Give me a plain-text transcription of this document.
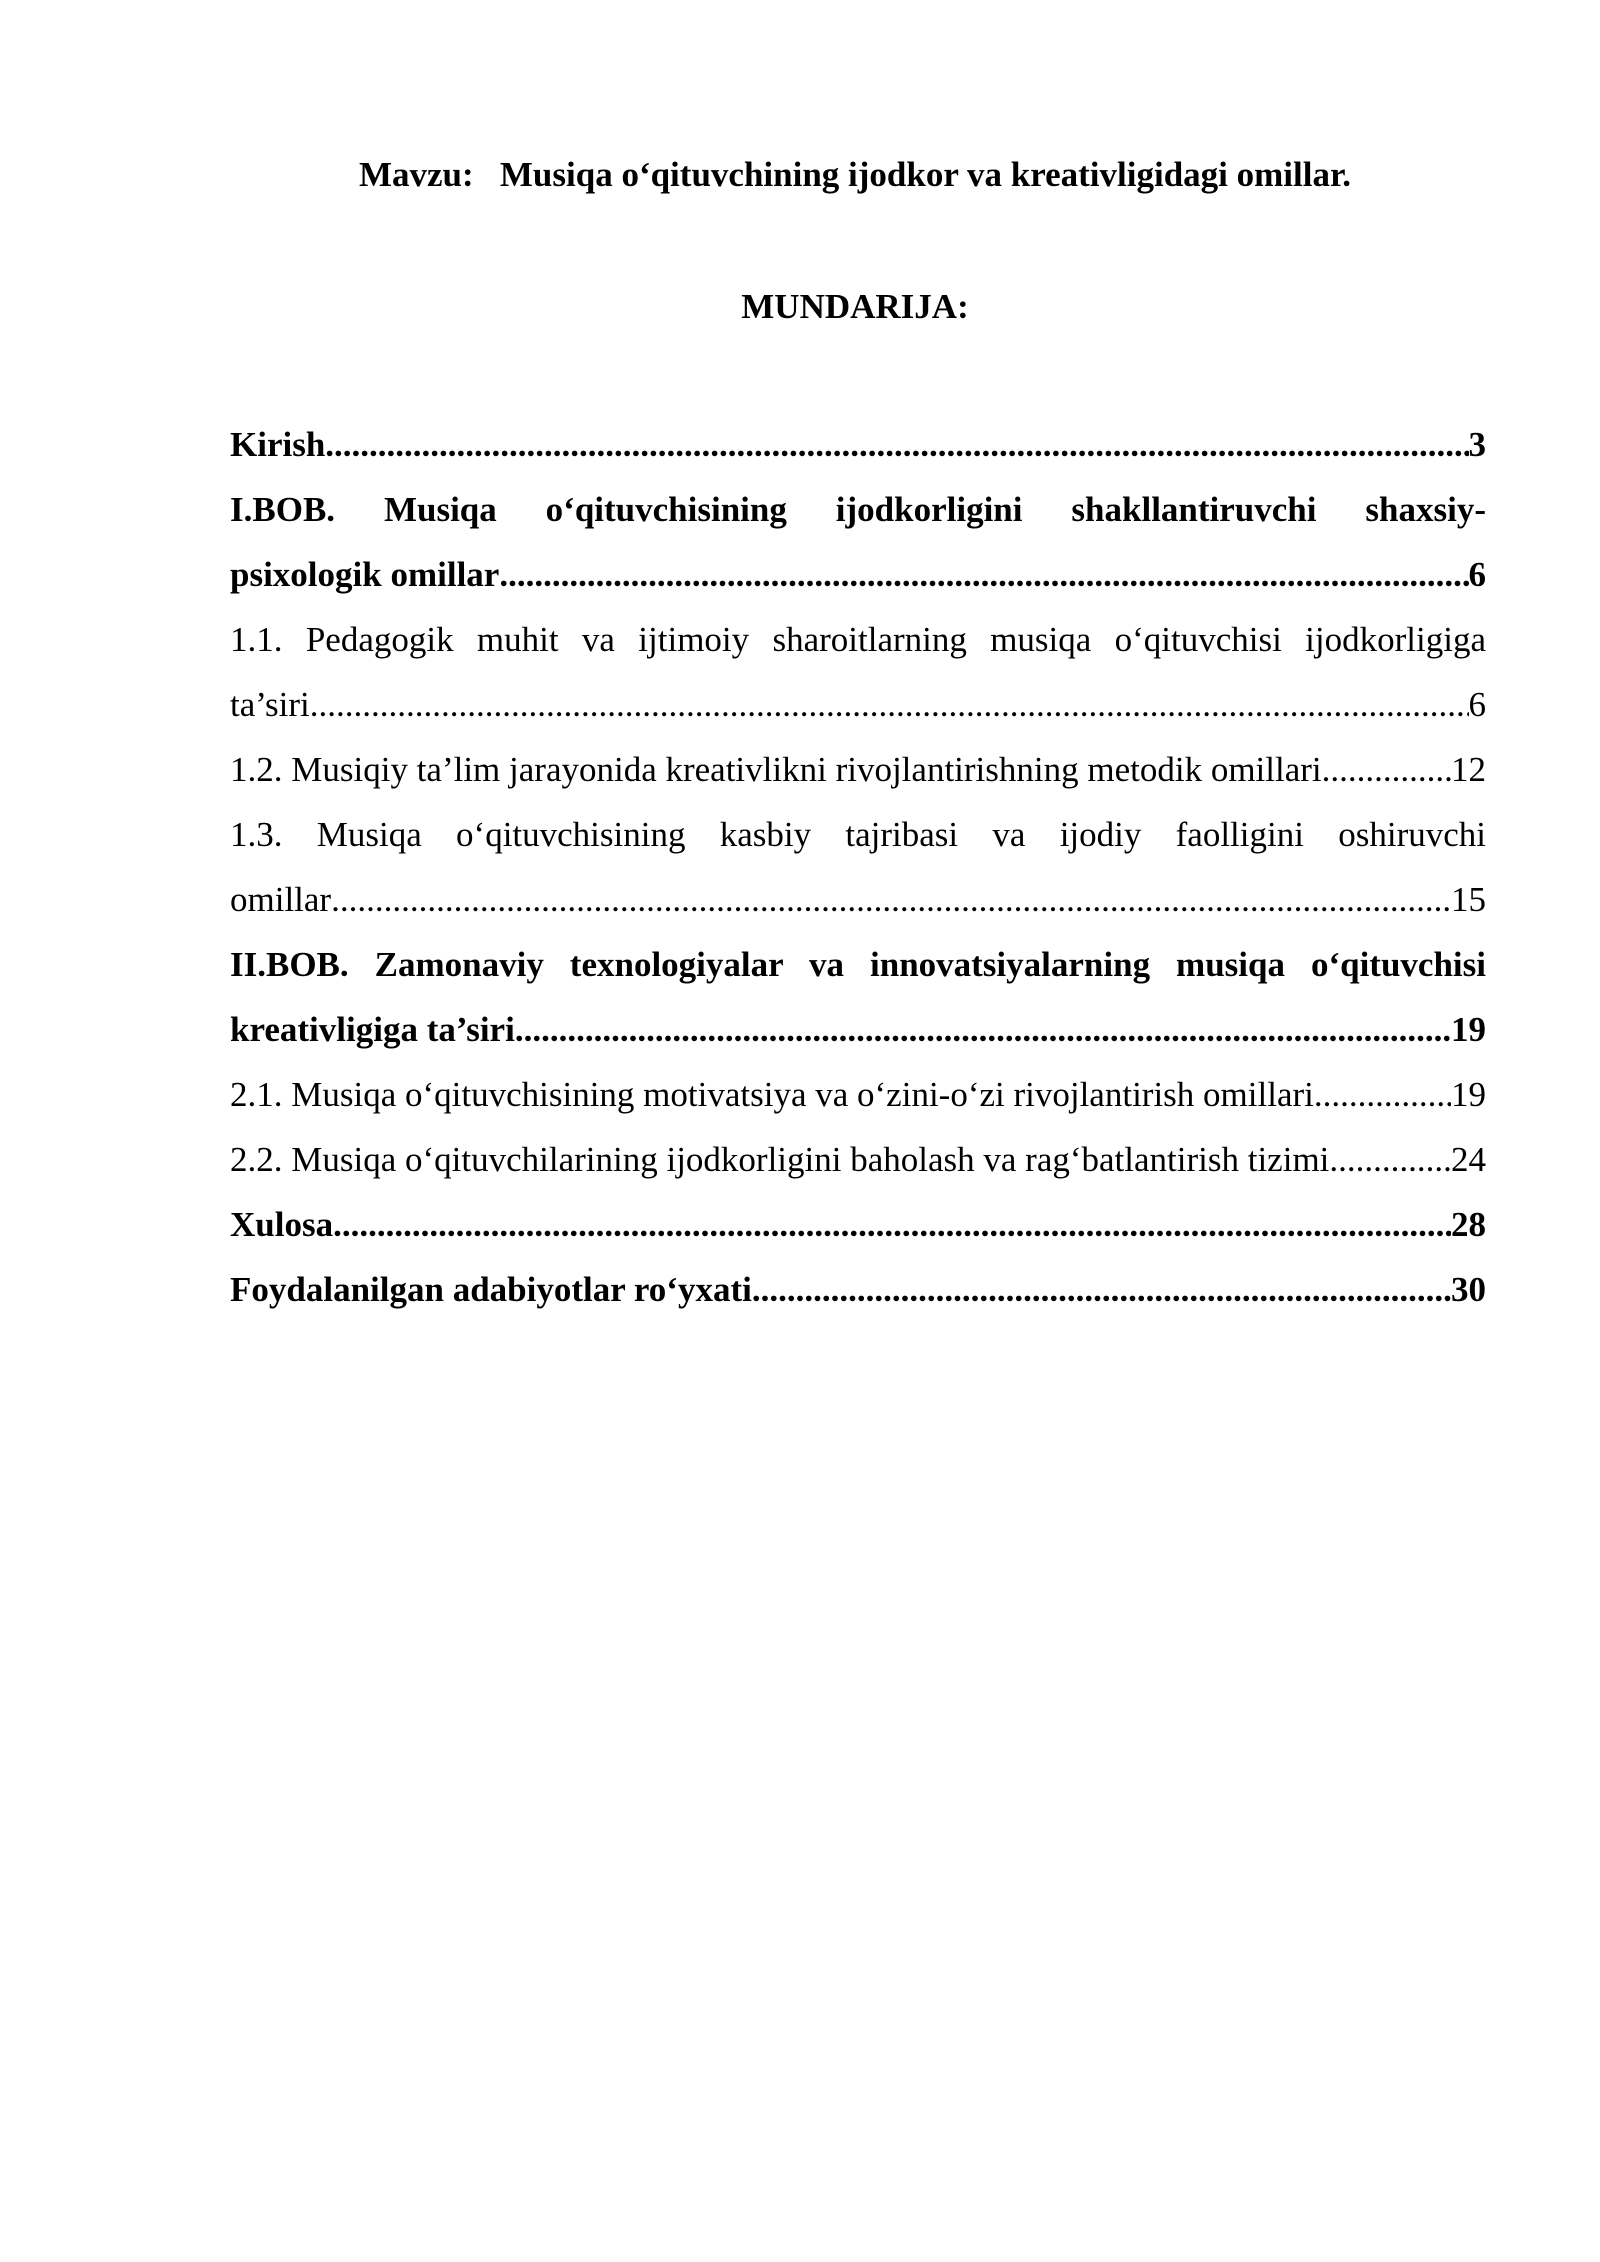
Mavzu:   Musiqa o‘qituvchining ijodkor va kreativligidagi omillar.
MUNDARIJA:
Kirish .....	3
I.BOB. Musiqa o‘qituvchisining ijodkorligini shakllantiruvchi shaxsiy-
psixologik omillar .....	6
1.1. Pedagogik muhit va ijtimoiy sharoitlarning musiqa o‘qituvchisi ijodkorligiga
ta’siri .....	6
1.2. Musiqiy ta’lim jarayonida kreativlikni rivojlantirishning metodik omillari .....	12
1.3. Musiqa o‘qituvchisining kasbiy tajribasi va ijodiy faolligini oshiruvchi
omillar .....	15
II.BOB. Zamonaviy texnologiyalar va innovatsiyalarning musiqa o‘qituvchisi
kreativligiga ta’siri .....	19
2.1. Musiqa o‘qituvchisining motivatsiya va o‘zini-o‘zi rivojlantirish omillari .....	19
2.2. Musiqa o‘qituvchilarining ijodkorligini baholash va rag‘batlantirish tizimi .....	24
Xulosa .....	28
Foydalanilgan adabiyotlar ro‘yxati .....	30
